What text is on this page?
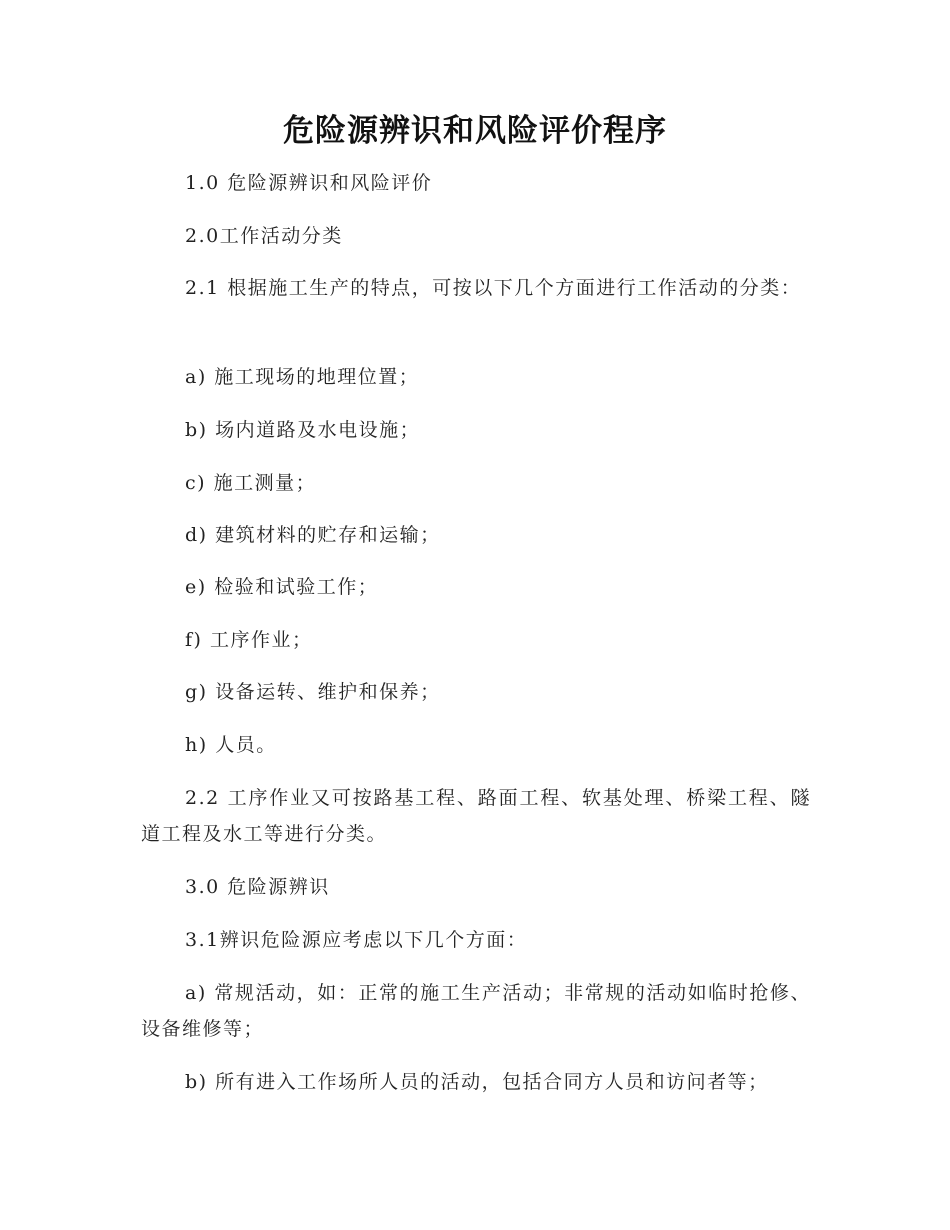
危险源辨识和风险评价程序

1.0 危险源辨识和风险评价

2.0工作活动分类

2.1 根据施工生产的特点，可按以下几个方面进行工作活动的分类：

a) 施工现场的地理位置；

b) 场内道路及水电设施；

c) 施工测量；

d) 建筑材料的贮存和运输；

e) 检验和试验工作；

f) 工序作业；

g) 设备运转、维护和保养；

h) 人员。

2.2 工序作业又可按路基工程、路面工程、软基处理、桥梁工程、隧道工程及水工等进行分类。

3.0 危险源辨识

3.1辨识危险源应考虑以下几个方面：

a) 常规活动，如：正常的施工生产活动；非常规的活动如临时抢修、设备维修等；

b) 所有进入工作场所人员的活动，包括合同方人员和访问者等；
